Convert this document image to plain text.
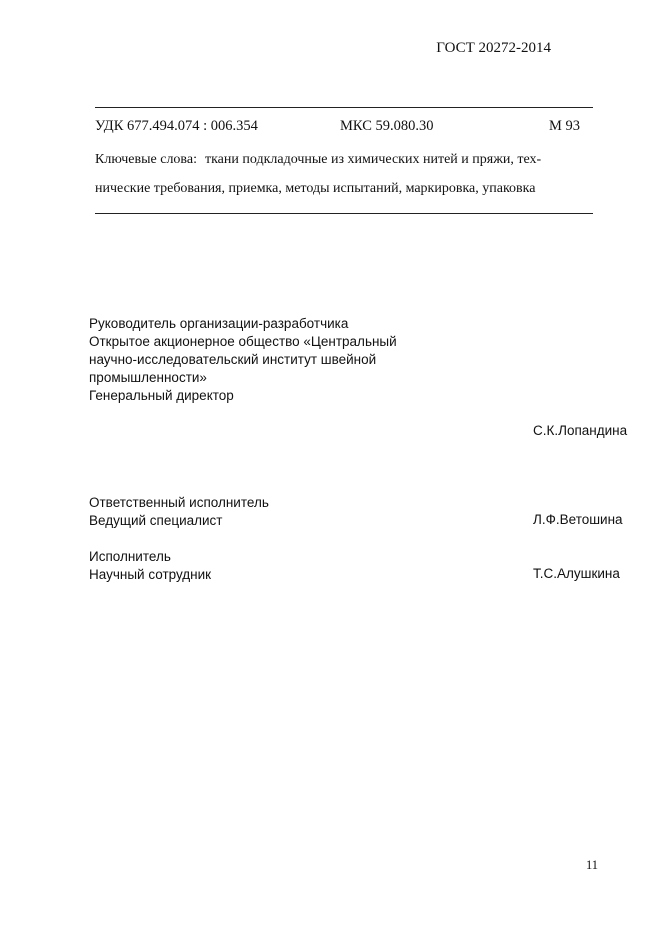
ГОСТ 20272-2014
УДК 677.494.074 : 006.354	МКС 59.080.30	М 93
Ключевые слова: ткани подкладочные из химических нитей и пряжи, тех-
нические требования, приемка, методы испытаний, маркировка, упаковка
Руководитель организации-разработчика
Открытое акционерное общество «Центральный
научно-исследовательский институт швейной
промышленности»
Генеральный директор
С.К.Лопандина
Ответственный исполнитель
Ведущий специалист	Л.Ф.Ветошина
Исполнитель
Научный сотрудник	Т.С.Алушкина
11
